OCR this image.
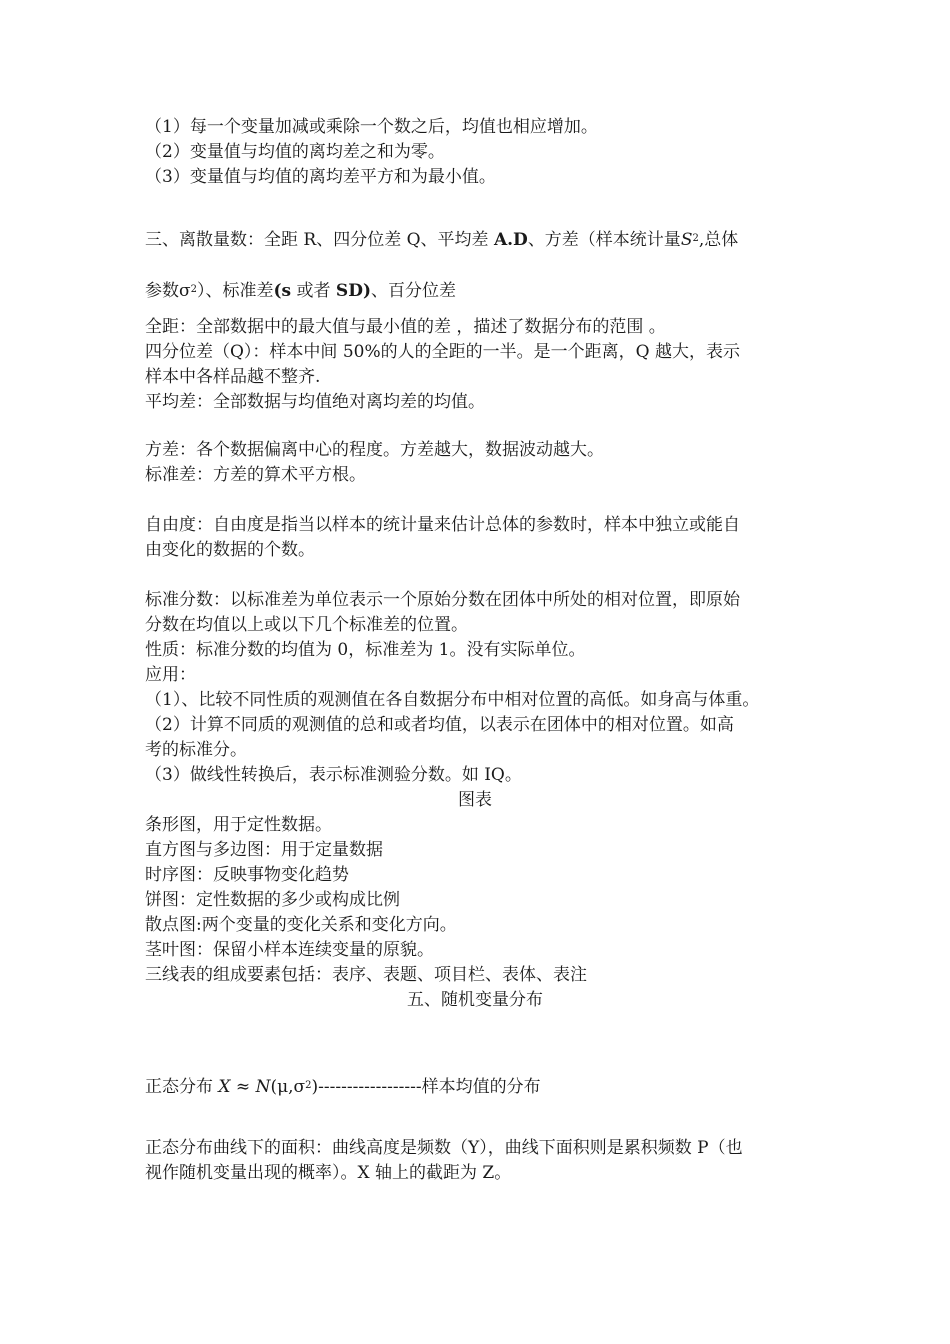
（1）每一个变量加减或乘除一个数之后，均值也相应增加。

（2）变量值与均值的离均差之和为零。

（3）变量值与均值的离均差平方和为最小值。

三、离散量数：全距 R、四分位差 Q、平均差 A.D、方差（样本统计量$S^2$,总体

参数$\sigma^2$）、标准差(s 或者 SD)、百分位差

全距：全部数据中的最大值与最小值的差 ，描述了数据分布的范围 。

四分位差（Q）：样本中间 50%的人的全距的一半。是一个距离，Q 越大，表示

样本中各样品越不整齐.

平均差：全部数据与均值绝对离均差的均值。

方差：各个数据偏离中心的程度。方差越大，数据波动越大。

标准差：方差的算术平方根。

自由度：自由度是指当以样本的统计量来估计总体的参数时，样本中独立或能自

由变化的数据的个数。

标准分数：以标准差为单位表示一个原始分数在团体中所处的相对位置，即原始

分数在均值以上或以下几个标准差的位置。

性质：标准分数的均值为 0，标准差为 1。没有实际单位。

应用：

（1）、比较不同性质的观测值在各自数据分布中相对位置的高低。如身高与体重。

（2）计算不同质的观测值的总和或者均值，以表示在团体中的相对位置。如高

考的标准分。

（3）做线性转换后，表示标准测验分数。如 IQ。

图表

条形图，用于定性数据。

直方图与多边图：用于定量数据

时序图：反映事物变化趋势

饼图：定性数据的多少或构成比例

散点图:两个变量的变化关系和变化方向。

茎叶图：保留小样本连续变量的原貌。

三线表的组成要素包括：表序、表题、项目栏、表体、表注

五、随机变量分布

正态分布 $X \approx N(\mu,\sigma^2)------------------$样本均值的分布

正态分布曲线下的面积：曲线高度是频数（Y），曲线下面积则是累积频数 P（也

视作随机变量出现的概率）。X 轴上的截距为 Z。
